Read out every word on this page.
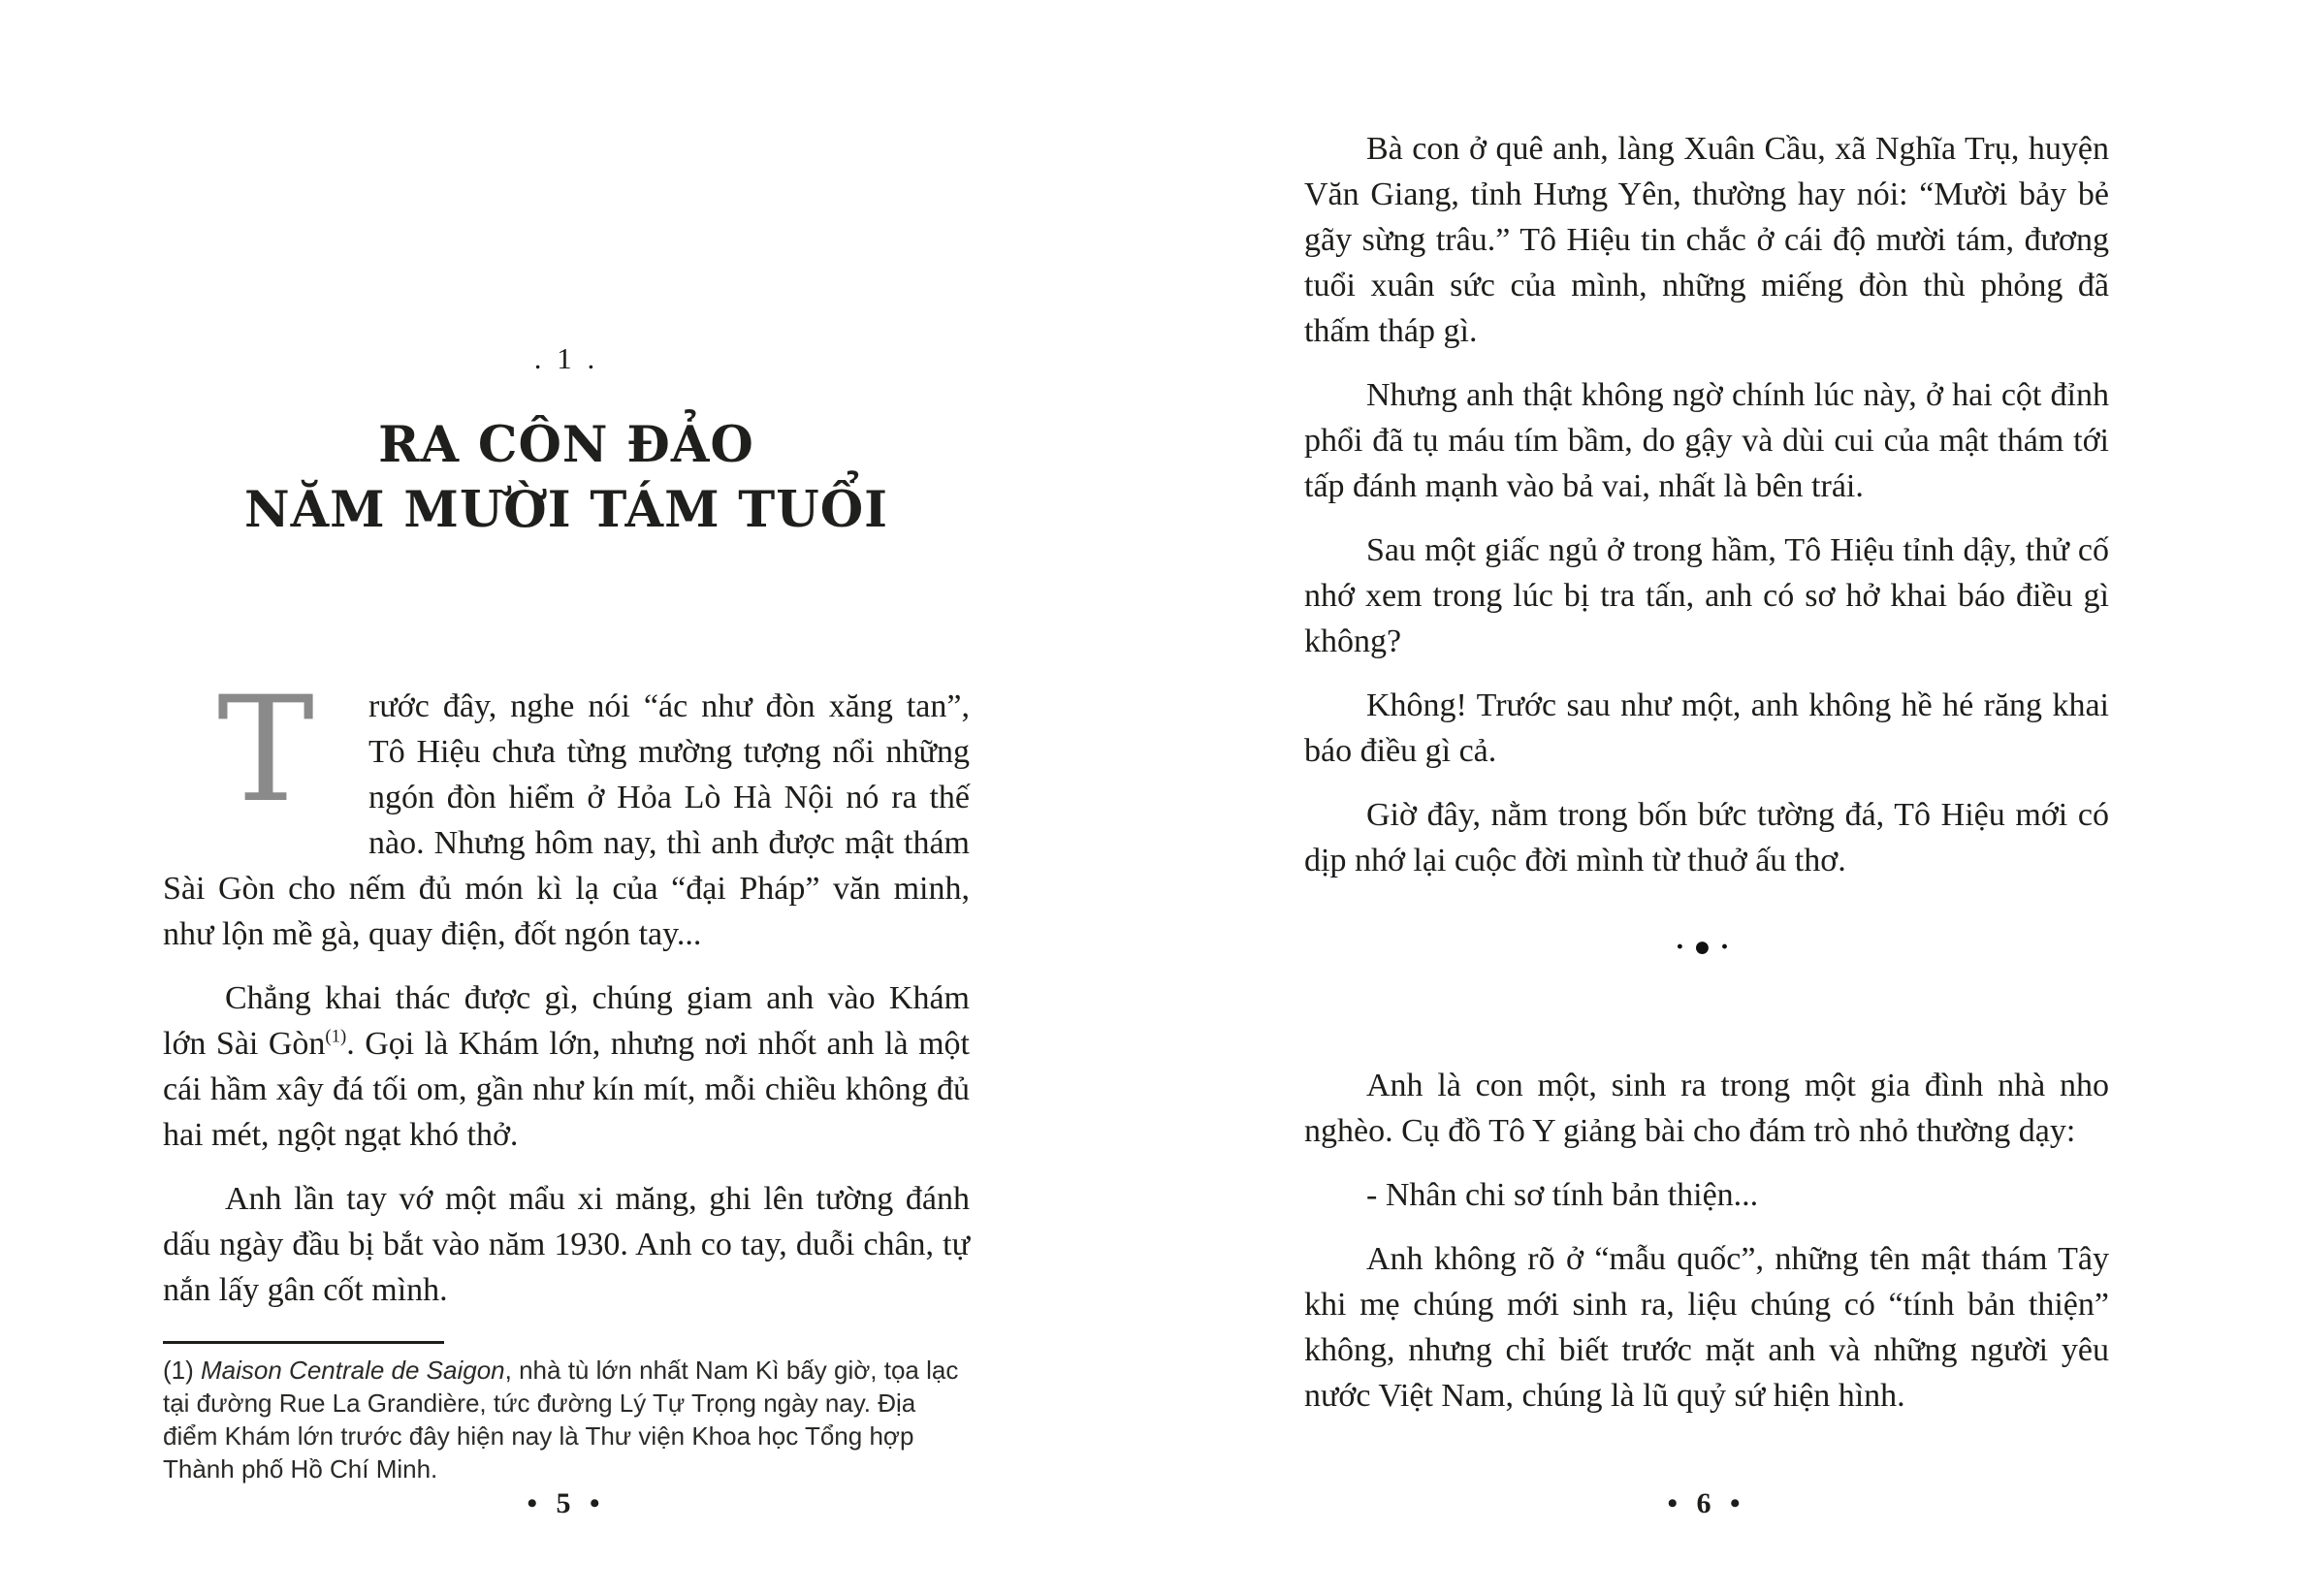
. 1 .
RA CÔN ĐẢO
NĂM MƯỜI TÁM TUỔI

T rước đây, nghe nói “ác như đòn xăng tan”, Tô Hiệu chưa từng mường tượng nổi những ngón đòn hiểm ở Hỏa Lò Hà Nội nó ra thế nào. Nhưng hôm nay, thì anh được mật thám Sài Gòn cho nếm đủ món kì lạ của “đại Pháp” văn minh, như lộn mề gà, quay điện, đốt ngón tay...

Chẳng khai thác được gì, chúng giam anh vào Khám lớn Sài Gòn$^{(1)}$. Gọi là Khám lớn, nhưng nơi nhốt anh là một cái hầm xây đá tối om, gần như kín mít, mỗi chiều không đủ hai mét, ngột ngạt khó thở.

Anh lần tay vớ một mẩu xi măng, ghi lên tường đánh dấu ngày đầu bị bắt vào năm 1930. Anh co tay, duỗi chân, tự nắn lấy gân cốt mình.

(1) Maison Centrale de Saigon, nhà tù lớn nhất Nam Kì bấy giờ, tọa lạc tại đường Rue La Grandière, tức đường Lý Tự Trọng ngày nay. Địa điểm Khám lớn trước đây hiện nay là Thư viện Khoa học Tổng hợp Thành phố Hồ Chí Minh.
• 5 •

Bà con ở quê anh, làng Xuân Cầu, xã Nghĩa Trụ, huyện Văn Giang, tỉnh Hưng Yên, thường hay nói: “Mười bảy bẻ gãy sừng trâu.” Tô Hiệu tin chắc ở cái độ mười tám, đương tuổi xuân sức của mình, những miếng đòn thù phỏng đã thấm tháp gì.

Nhưng anh thật không ngờ chính lúc này, ở hai cột đỉnh phổi đã tụ máu tím bầm, do gậy và dùi cui của mật thám tới tấp đánh mạnh vào bả vai, nhất là bên trái.

Sau một giấc ngủ ở trong hầm, Tô Hiệu tỉnh dậy, thử cố nhớ xem trong lúc bị tra tấn, anh có sơ hở khai báo điều gì không?

Không! Trước sau như một, anh không hề hé răng khai báo điều gì cả.

Giờ đây, nằm trong bốn bức tường đá, Tô Hiệu mới có dịp nhớ lại cuộc đời mình từ thuở ấu thơ.

·●·

Anh là con một, sinh ra trong một gia đình nhà nho nghèo. Cụ đồ Tô Y giảng bài cho đám trò nhỏ thường dạy:

- Nhân chi sơ tính bản thiện...

Anh không rõ ở “mẫu quốc”, những tên mật thám Tây khi mẹ chúng mới sinh ra, liệu chúng có “tính bản thiện” không, nhưng chỉ biết trước mặt anh và những người yêu nước Việt Nam, chúng là lũ quỷ sứ hiện hình.

• 6 •
